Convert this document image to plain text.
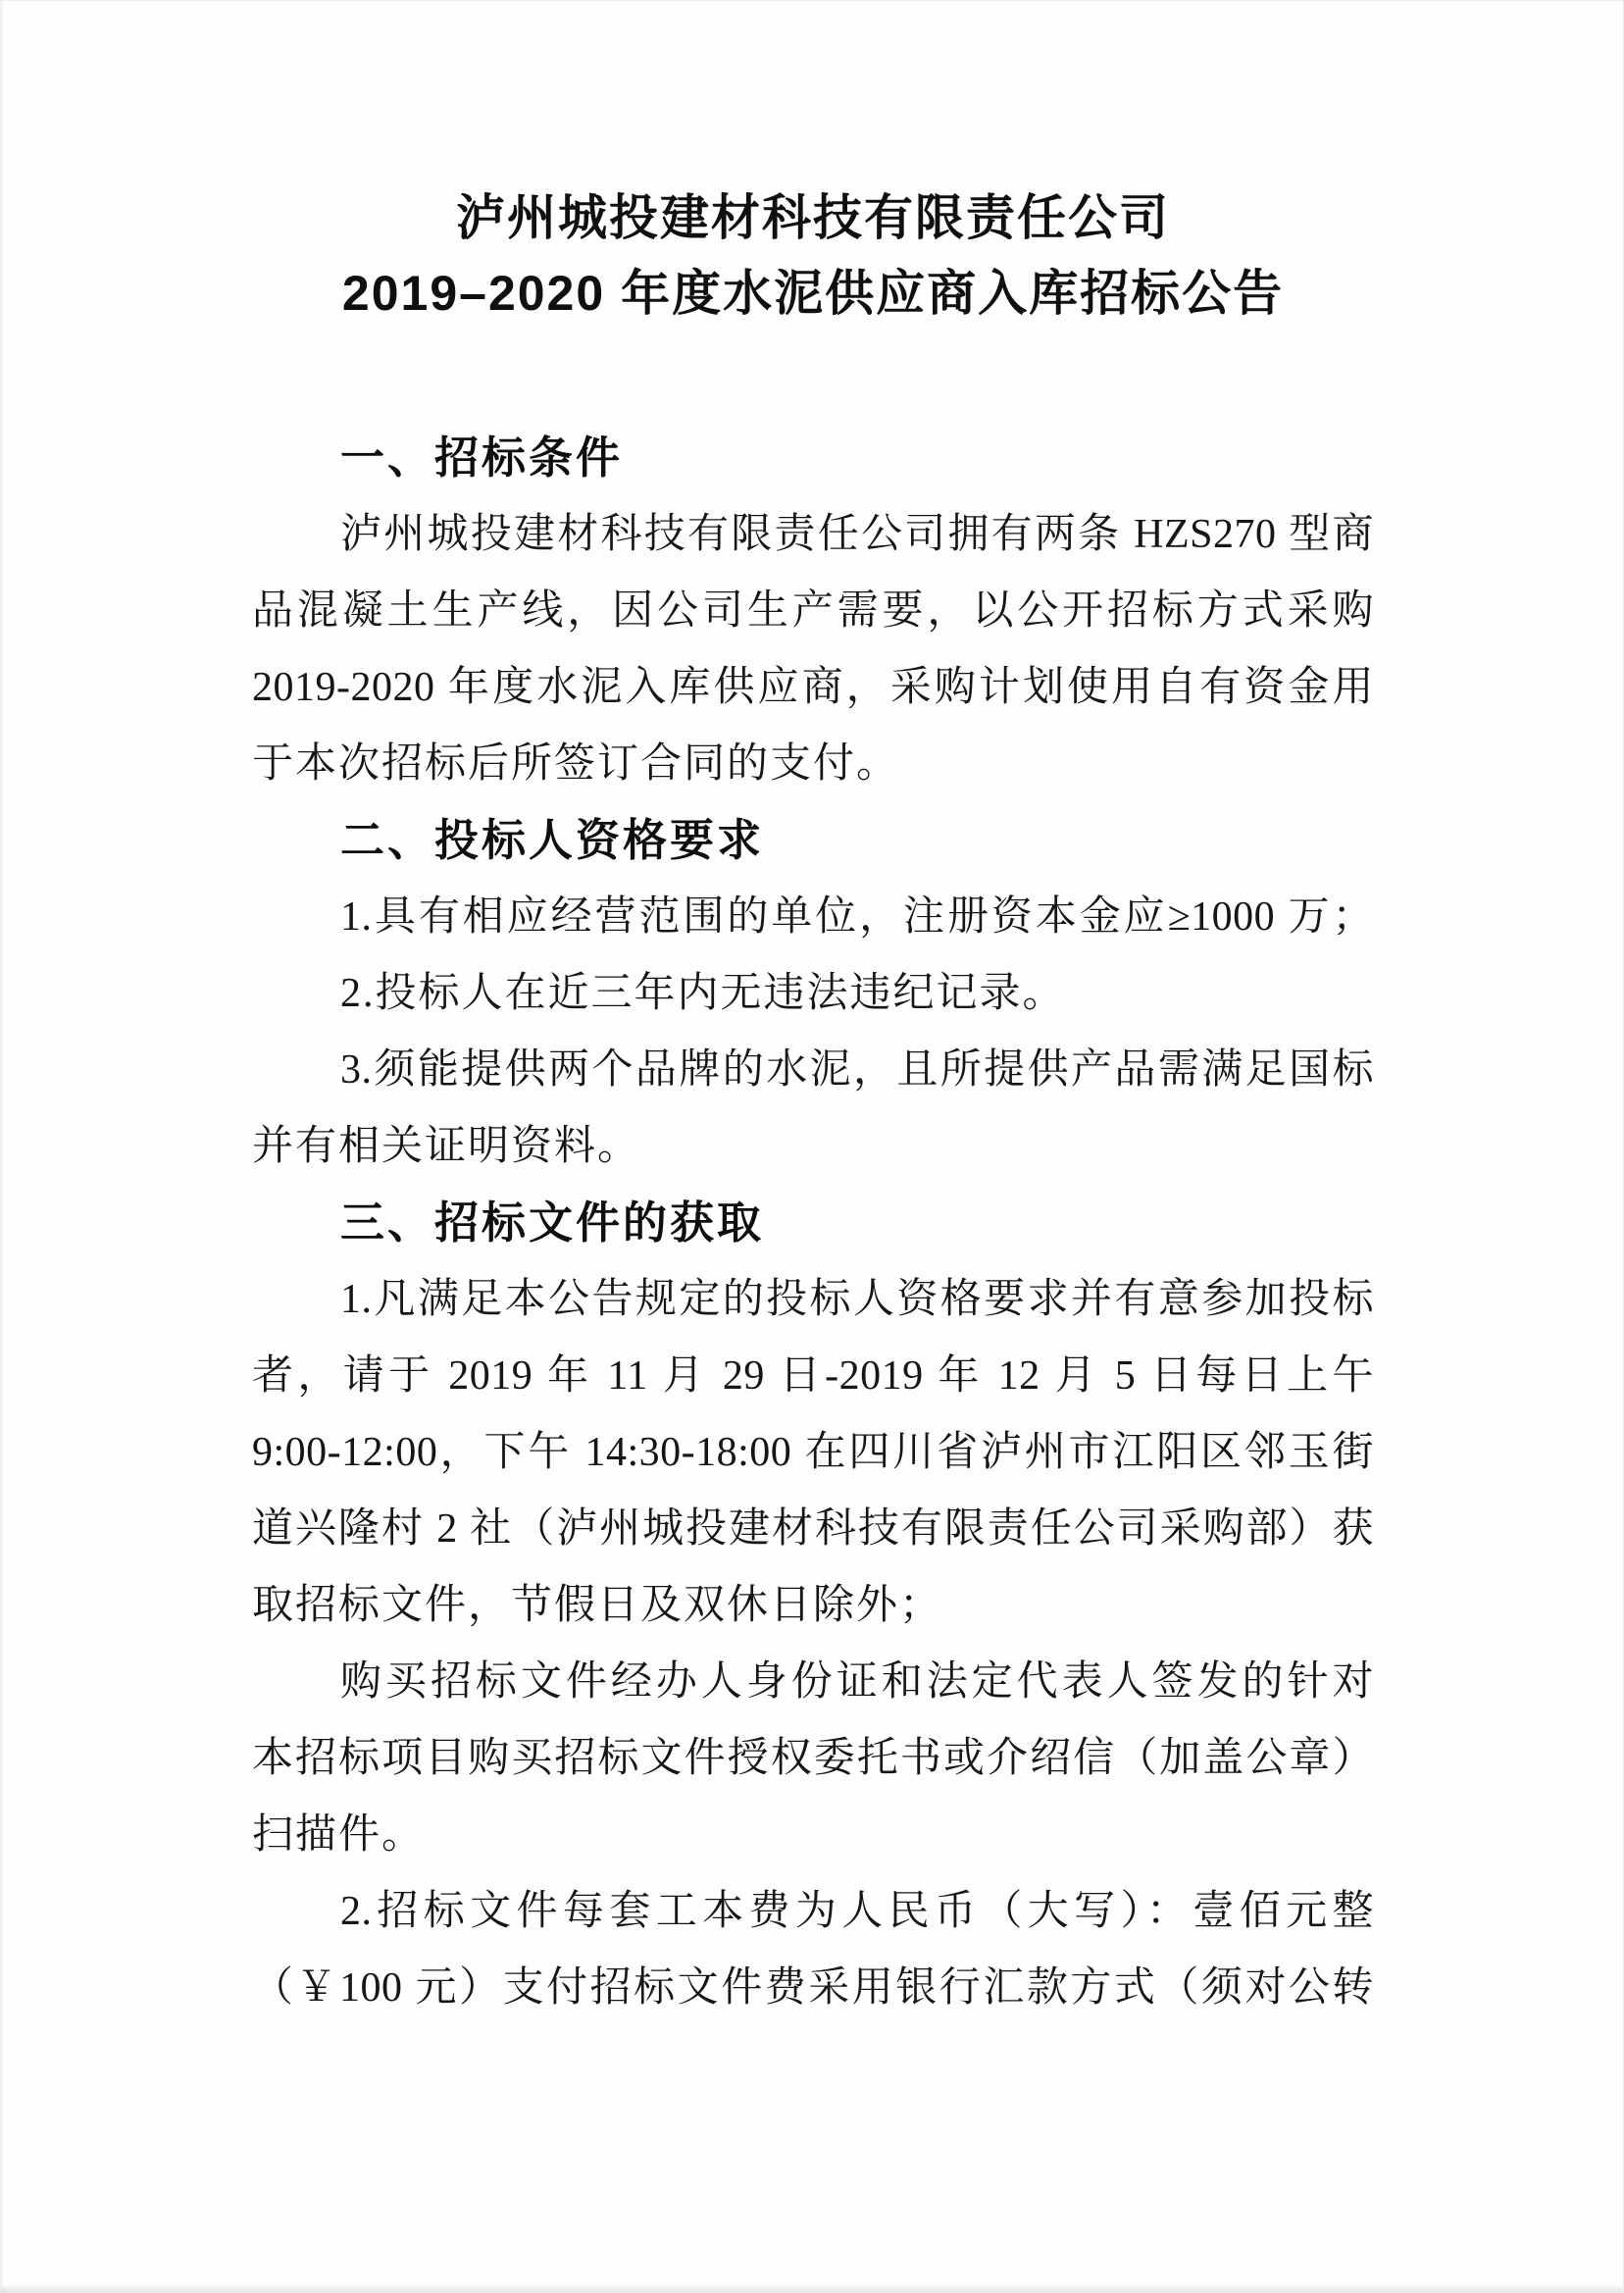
泸州城投建材科技有限责任公司
2019–2020 年度水泥供应商入库招标公告
一、招标条件
泸州城投建材科技有限责任公司拥有两条 HZS270 型商
品混凝土生产线，因公司生产需要，以公开招标方式采购
2019-2020 年度水泥入库供应商，采购计划使用自有资金用
于本次招标后所签订合同的支付。
二、投标人资格要求
1.具有相应经营范围的单位，注册资本金应≥1000 万；
2.投标人在近三年内无违法违纪记录。
3.须能提供两个品牌的水泥，且所提供产品需满足国标
并有相关证明资料。
三、招标文件的获取
1.凡满足本公告规定的投标人资格要求并有意参加投标
者，请于 2019 年 11 月 29 日-2019 年 12 月 5 日每日上午
9:00-12:00，下午 14:30-18:00 在四川省泸州市江阳区邻玉街
道兴隆村 2 社（泸州城投建材科技有限责任公司采购部）获
取招标文件，节假日及双休日除外；
购买招标文件经办人身份证和法定代表人签发的针对
本招标项目购买招标文件授权委托书或介绍信（加盖公章）
扫描件。
2.招标文件每套工本费为人民币（大写）：壹佰元整
（￥100 元）支付招标文件费采用银行汇款方式（须对公转
